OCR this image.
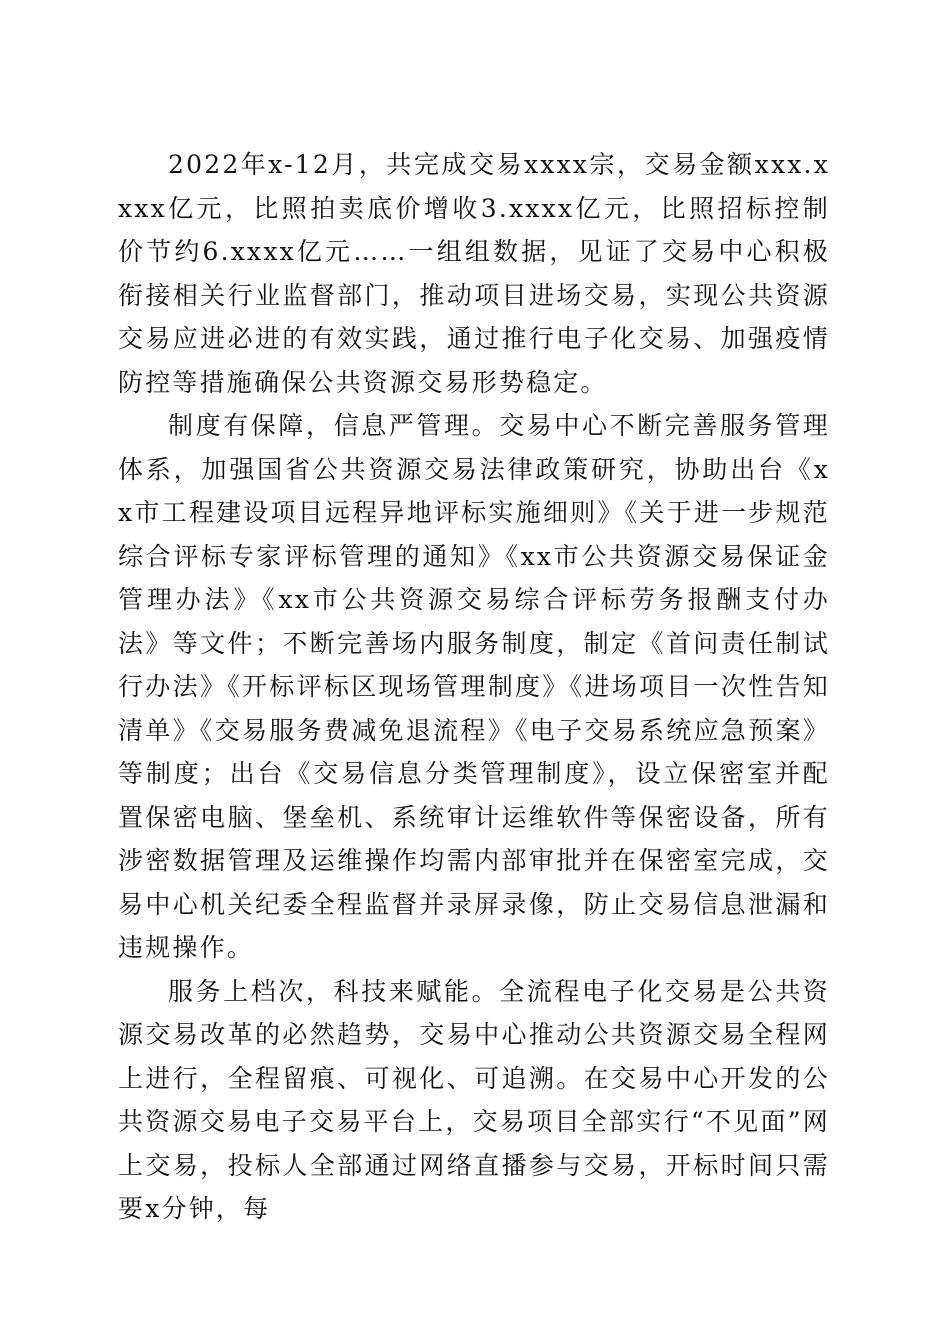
2022年x-12月，共完成交易xxxx宗，交易金额xxx.xxxx亿元，比照拍卖底价增收3.xxxx亿元，比照招标控制价节约6.xxxx亿元……一组组数据，见证了交易中心积极衔接相关行业监督部门，推动项目进场交易，实现公共资源交易应进必进的有效实践，通过推行电子化交易、加强疫情防控等措施确保公共资源交易形势稳定。

制度有保障，信息严管理。交易中心不断完善服务管理体系，加强国省公共资源交易法律政策研究，协助出台《xx市工程建设项目远程异地评标实施细则》《关于进一步规范综合评标专家评标管理的通知》《xx市公共资源交易保证金管理办法》《xx市公共资源交易综合评标劳务报酬支付办法》等文件；不断完善场内服务制度，制定《首问责任制试行办法》《开标评标区现场管理制度》《进场项目一次性告知清单》《交易服务费减免退流程》《电子交易系统应急预案》等制度；出台《交易信息分类管理制度》，设立保密室并配置保密电脑、堡垒机、系统审计运维软件等保密设备，所有涉密数据管理及运维操作均需内部审批并在保密室完成，交易中心机关纪委全程监督并录屏录像，防止交易信息泄漏和违规操作。

服务上档次，科技来赋能。全流程电子化交易是公共资源交易改革的必然趋势，交易中心推动公共资源交易全程网上进行，全程留痕、可视化、可追溯。在交易中心开发的公共资源交易电子交易平台上，交易项目全部实行“不见面”网上交易，投标人全部通过网络直播参与交易，开标时间只需要x分钟，每
